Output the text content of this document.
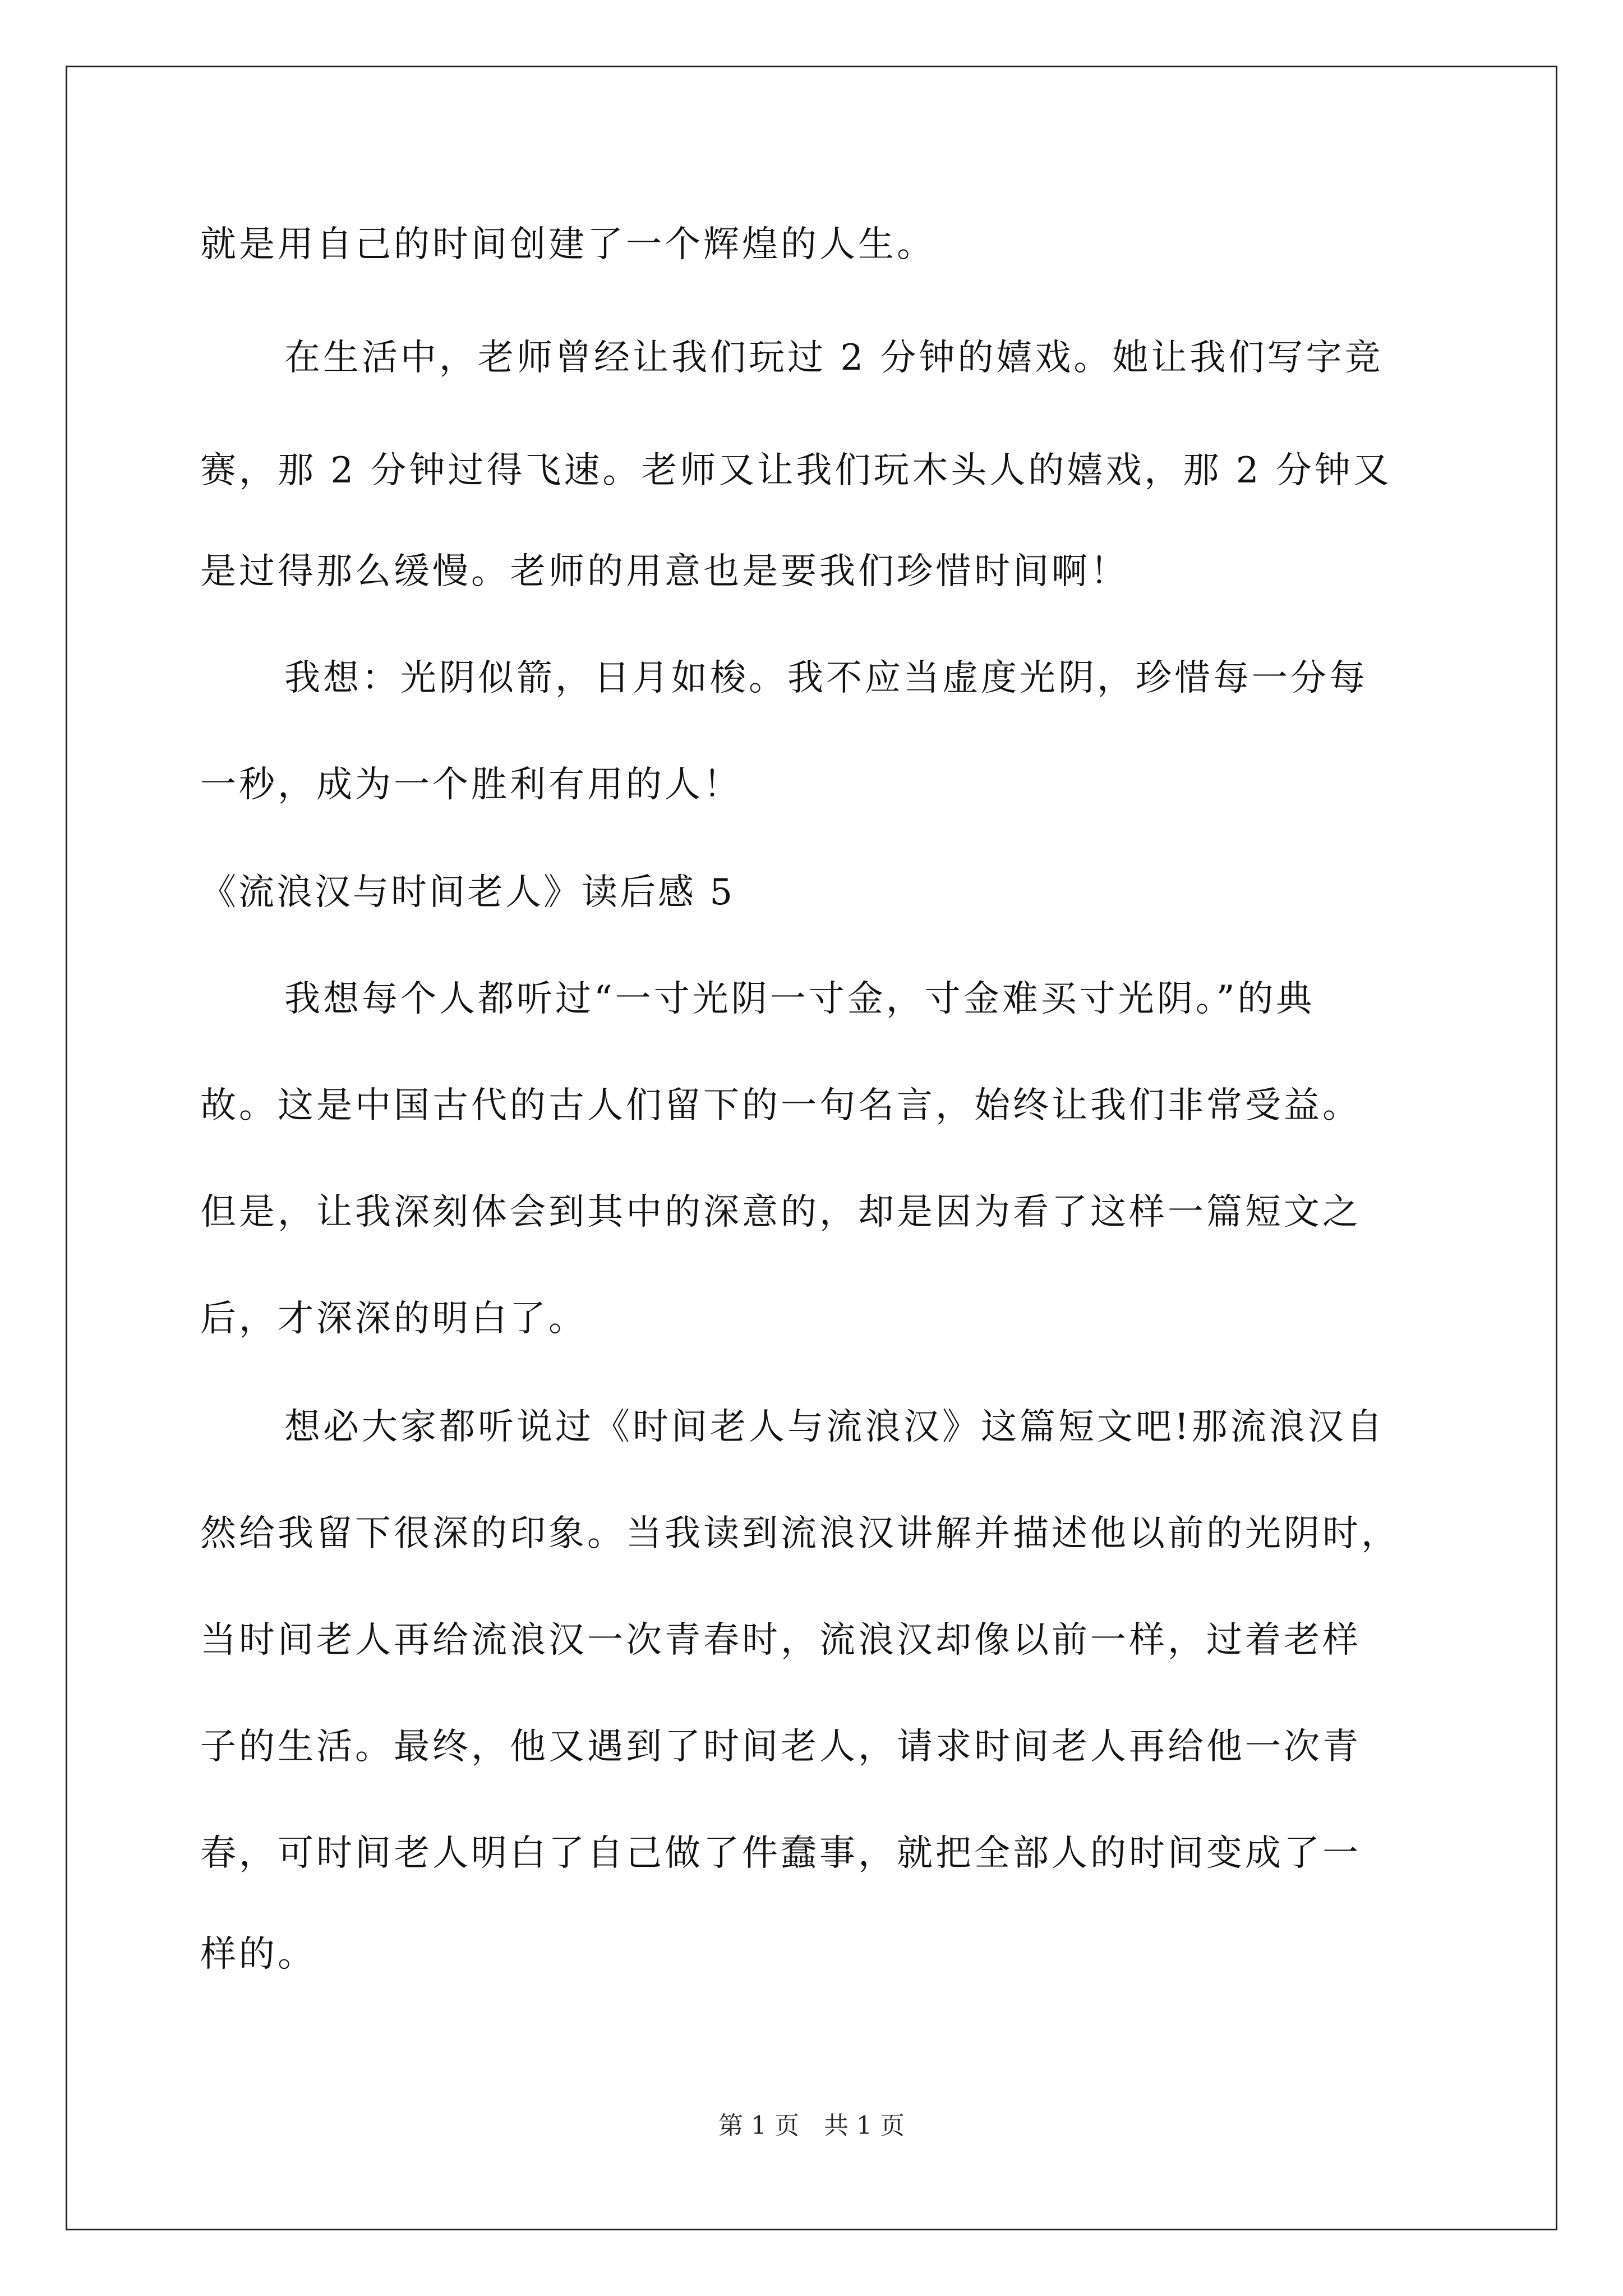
就是用自己的时间创建了一个辉煌的人生。
在生活中，老师曾经让我们玩过 2 分钟的嬉戏。她让我们写字竞
赛，那 2 分钟过得飞速。老师又让我们玩木头人的嬉戏，那 2 分钟又
是过得那么缓慢。老师的用意也是要我们珍惜时间啊！
我想：光阴似箭，日月如梭。我不应当虚度光阴，珍惜每一分每
一秒，成为一个胜利有用的人！
《流浪汉与时间老人》读后感 5
我想每个人都听过“一寸光阴一寸金，寸金难买寸光阴。”的典
故。这是中国古代的古人们留下的一句名言，始终让我们非常受益。
但是，让我深刻体会到其中的深意的，却是因为看了这样一篇短文之
后，才深深的明白了。
想必大家都听说过《时间老人与流浪汉》这篇短文吧!那流浪汉自
然给我留下很深的印象。当我读到流浪汉讲解并描述他以前的光阴时，
当时间老人再给流浪汉一次青春时，流浪汉却像以前一样，过着老样
子的生活。最终，他又遇到了时间老人，请求时间老人再给他一次青
春，可时间老人明白了自己做了件蠢事，就把全部人的时间变成了一
样的。
第 1 页　共 1 页
